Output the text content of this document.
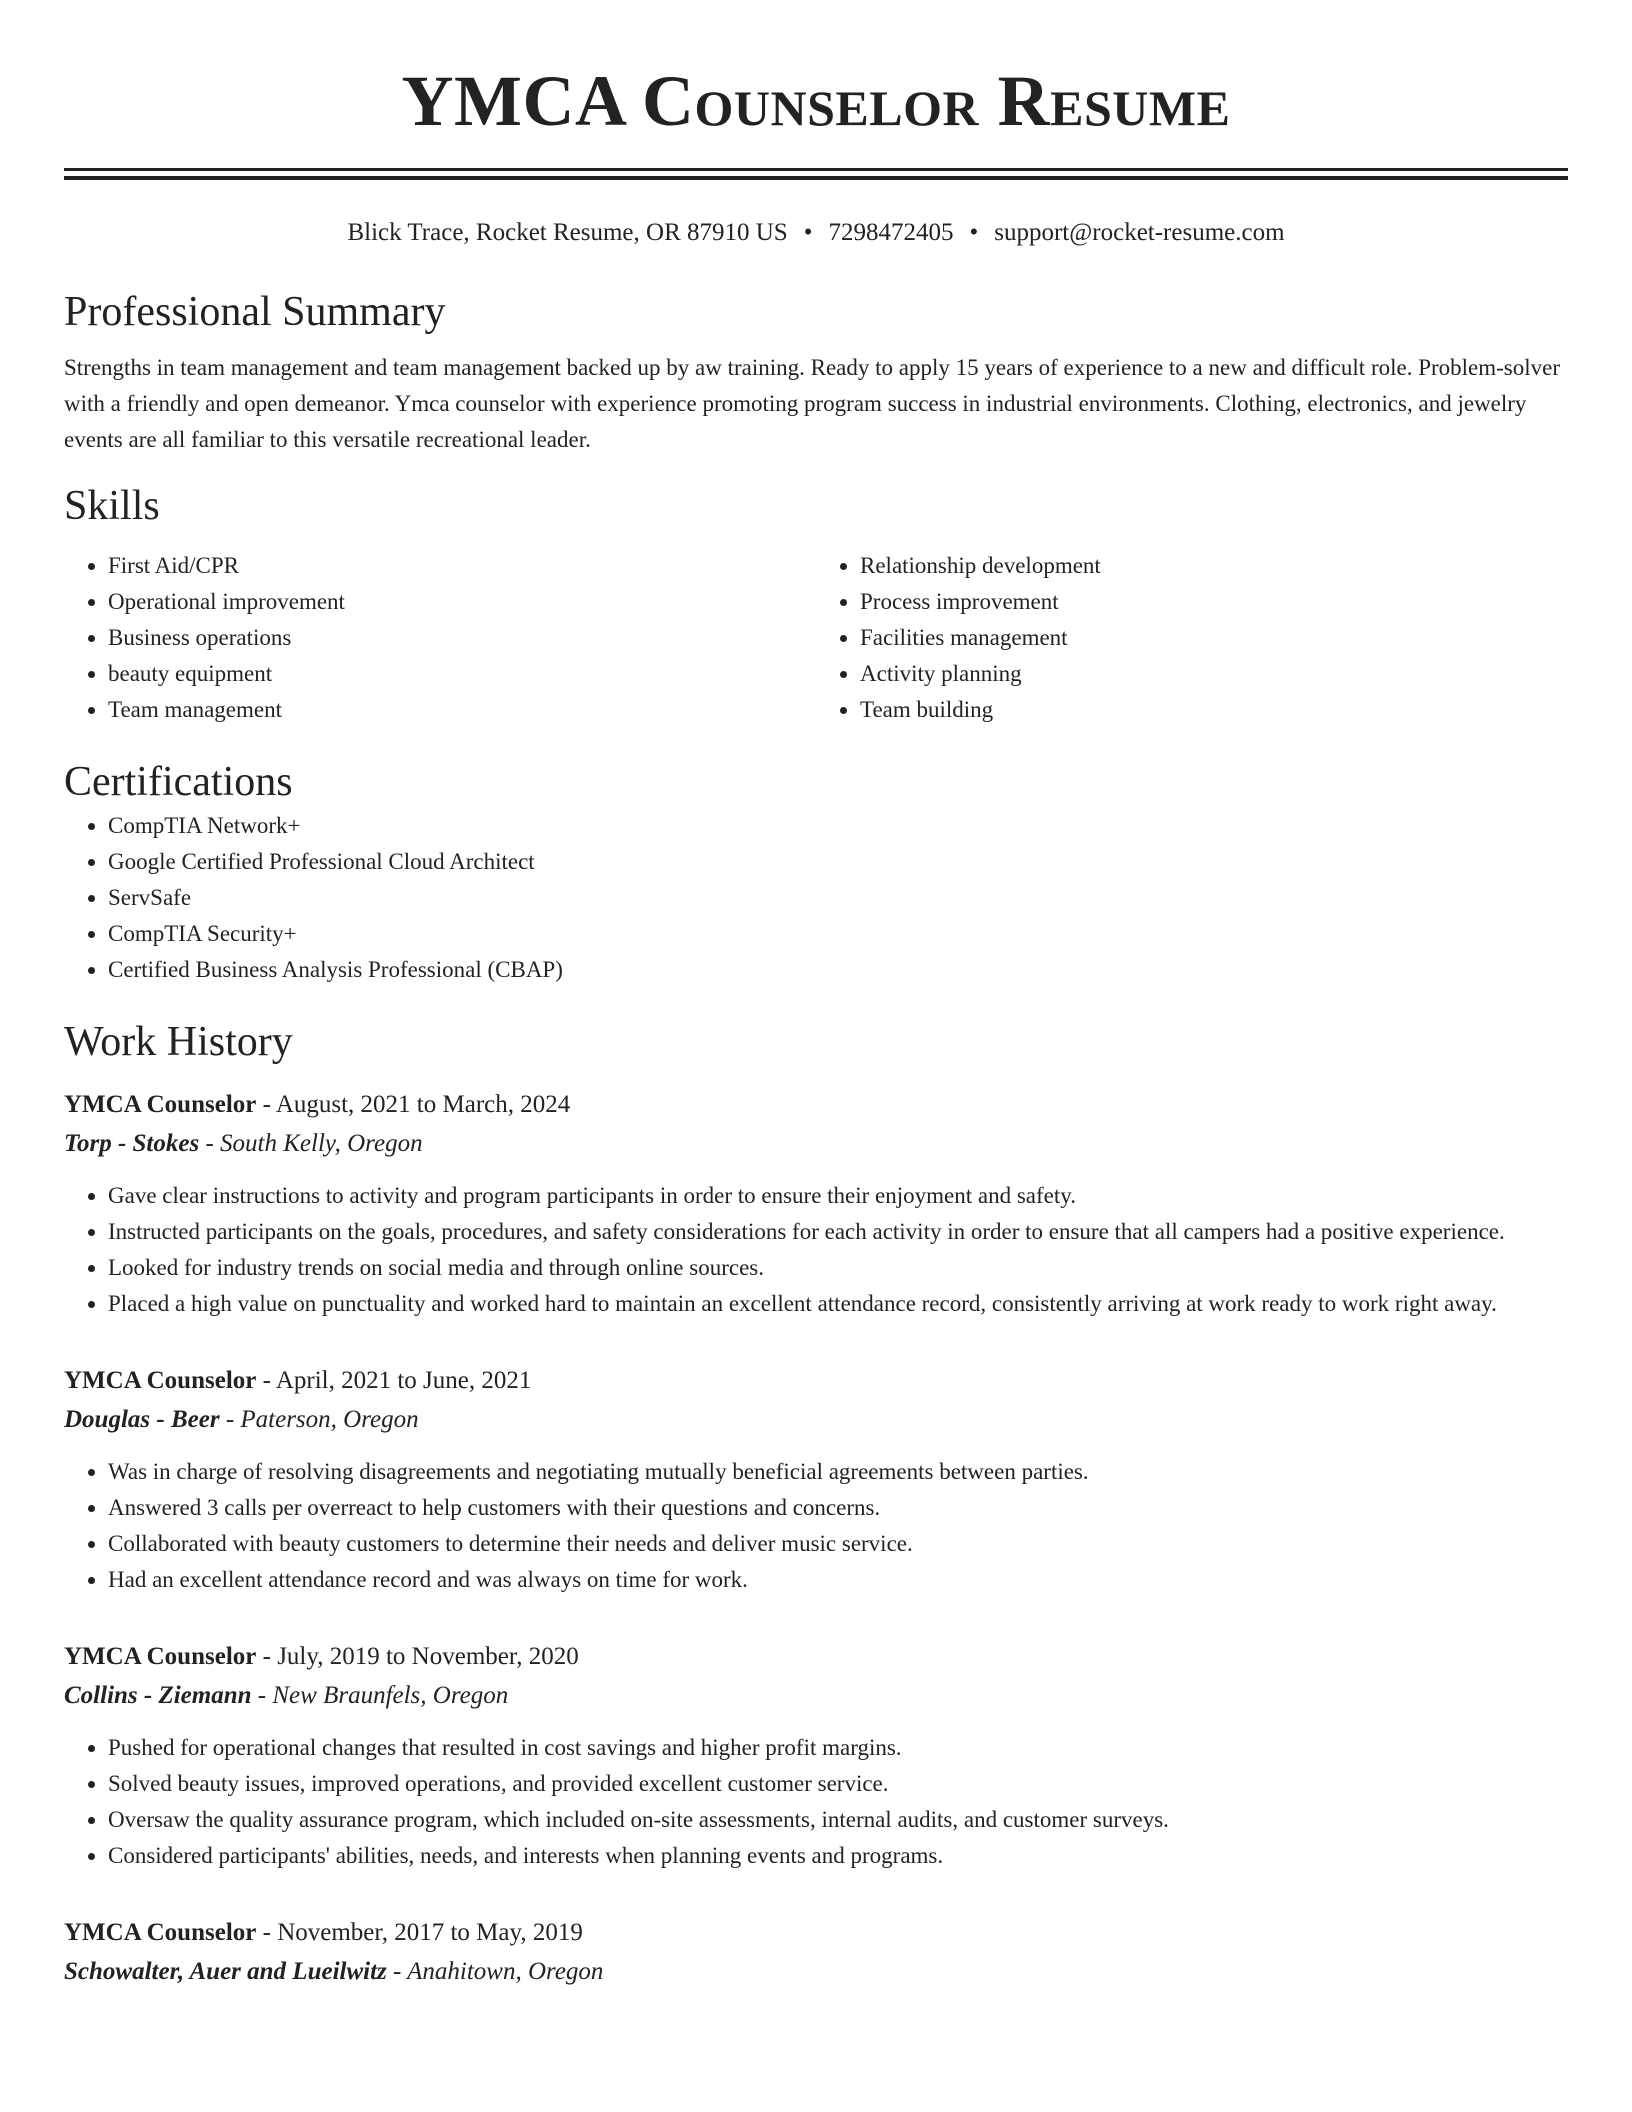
YMCA Counselor Resume
Blick Trace, Rocket Resume, OR 87910 US • 7298472405 • support@rocket-resume.com
Professional Summary

Strengths in team management and team management backed up by aw training. Ready to apply 15 years of experience to a new and difficult role. Problem-solver with a friendly and open demeanor. Ymca counselor with experience promoting program success in industrial environments. Clothing, electronics, and jewelry events are all familiar to this versatile recreational leader.

Skills
• First Aid/CPR
• Operational improvement
• Business operations
• beauty equipment
• Team management
• Relationship development
• Process improvement
• Facilities management
• Activity planning
• Team building
Certifications
• CompTIA Network+
• Google Certified Professional Cloud Architect
• ServSafe
• CompTIA Security+
• Certified Business Analysis Professional (CBAP)
Work History
YMCA Counselor - August, 2021 to March, 2024
Torp - Stokes - South Kelly, Oregon
• Gave clear instructions to activity and program participants in order to ensure their enjoyment and safety.
• Instructed participants on the goals, procedures, and safety considerations for each activity in order to ensure that all campers had a positive experience.
• Looked for industry trends on social media and through online sources.
• Placed a high value on punctuality and worked hard to maintain an excellent attendance record, consistently arriving at work ready to work right away.
YMCA Counselor - April, 2021 to June, 2021
Douglas - Beer - Paterson, Oregon
• Was in charge of resolving disagreements and negotiating mutually beneficial agreements between parties.
• Answered 3 calls per overreact to help customers with their questions and concerns.
• Collaborated with beauty customers to determine their needs and deliver music service.
• Had an excellent attendance record and was always on time for work.
YMCA Counselor - July, 2019 to November, 2020
Collins - Ziemann - New Braunfels, Oregon
• Pushed for operational changes that resulted in cost savings and higher profit margins.
• Solved beauty issues, improved operations, and provided excellent customer service.
• Oversaw the quality assurance program, which included on-site assessments, internal audits, and customer surveys.
• Considered participants' abilities, needs, and interests when planning events and programs.
YMCA Counselor - November, 2017 to May, 2019
Schowalter, Auer and Lueilwitz - Anahitown, Oregon
